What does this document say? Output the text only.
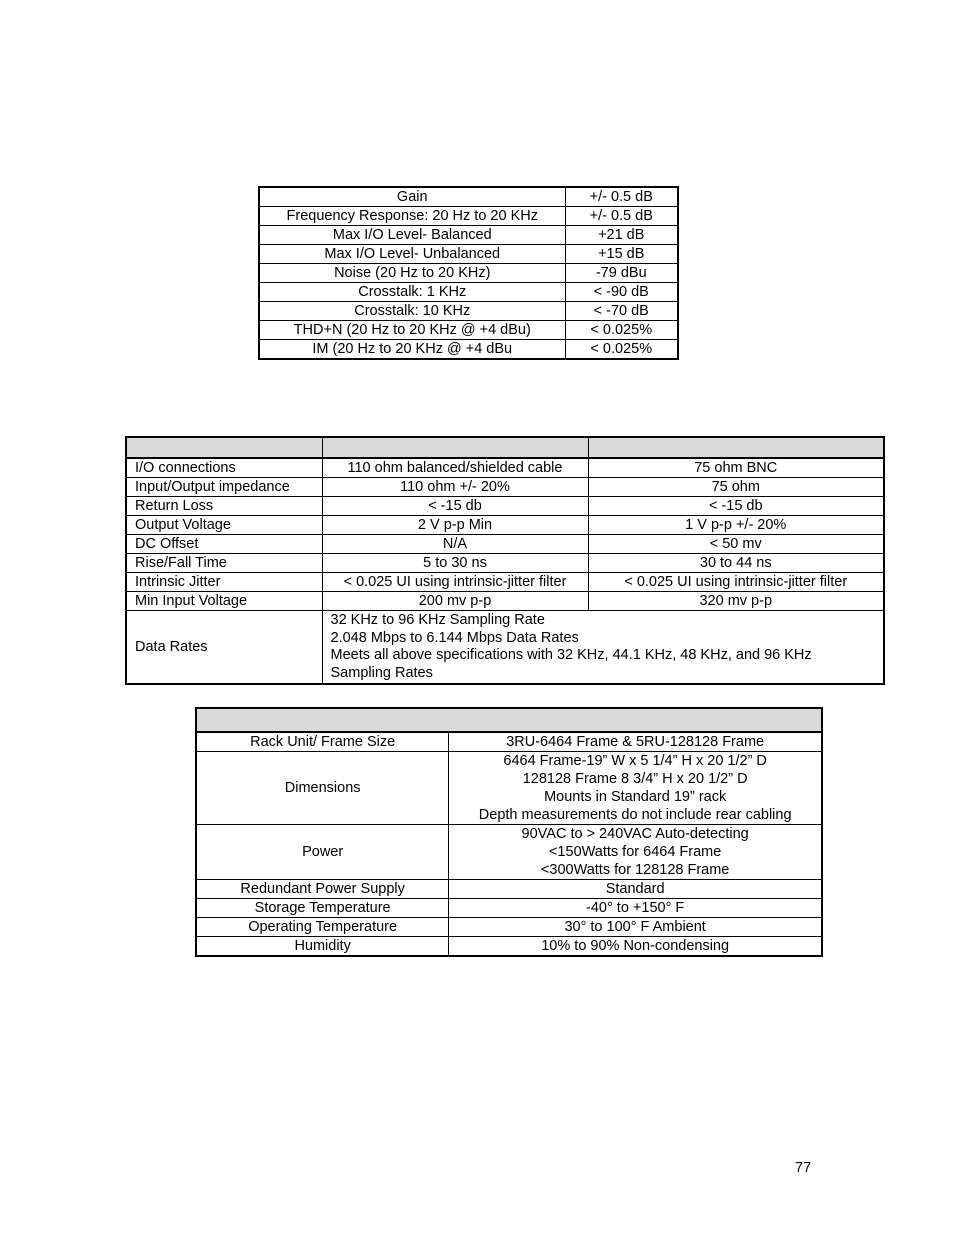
Gain	+/- 0.5 dB
Frequency Response: 20 Hz to 20 KHz	+/- 0.5 dB
Max I/O Level- Balanced	+21 dB
Max I/O Level- Unbalanced	+15 dB
Noise (20 Hz to 20 KHz)	-79 dBu
Crosstalk: 1 KHz	< -90 dB
Crosstalk: 10 KHz	< -70 dB
THD+N (20 Hz to 20 KHz @ +4 dBu)	< 0.025%
IM (20 Hz to 20 KHz @ +4 dBu	< 0.025%

I/O connections	110 ohm balanced/shielded cable	75 ohm BNC
Input/Output impedance	110 ohm +/- 20%	75 ohm
Return Loss	< -15 db	< -15 db
Output Voltage	2 V p-p Min	1 V p-p +/- 20%
DC Offset	N/A	< 50 mv
Rise/Fall Time	5 to 30 ns	30 to 44 ns
Intrinsic Jitter	< 0.025 UI using intrinsic-jitter filter	< 0.025 UI using intrinsic-jitter filter
Min Input Voltage	200 mv p-p	320 mv p-p
Data Rates	32 KHz to 96 KHz Sampling Rate
2.048 Mbps to 6.144 Mbps Data Rates
Meets all above specifications with 32 KHz, 44.1 KHz, 48 KHz, and 96 KHz Sampling Rates	

Rack Unit/ Frame Size	3RU-6464 Frame & 5RU-128128 Frame
Dimensions	6464 Frame-19” W x 5 1/4” H x 20 1/2” D
128128 Frame 8 3/4” H x 20 1/2” D
Mounts in Standard 19” rack
Depth measurements do not include rear cabling

Power	90VAC to > 240VAC Auto-detecting
<150Watts for 6464 Frame
<300Watts for 128128 Frame

Redundant Power Supply	Standard
Storage Temperature	-40° to +150° F
Operating Temperature	30° to 100° F Ambient
Humidity	10% to 90% Non-condensing
77
